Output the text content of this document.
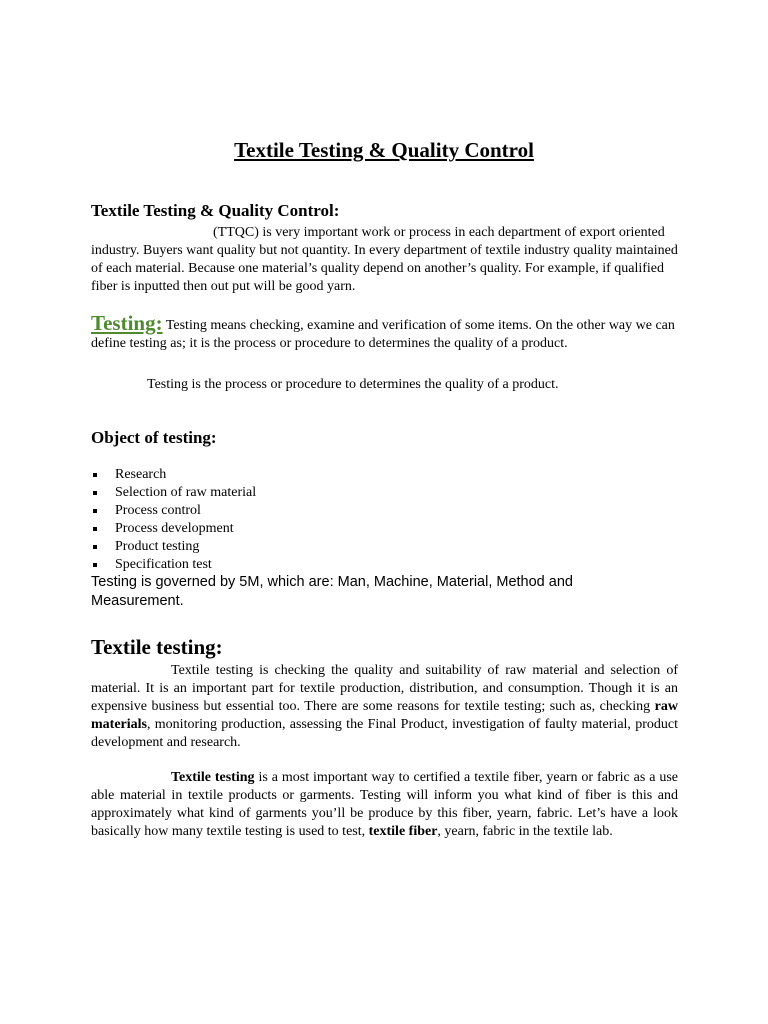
Textile Testing & Quality Control
Textile Testing & Quality Control:

(TTQC) is very important work or process in each department of export oriented industry. Buyers want quality but not quantity. In every department of textile industry quality maintained of each material. Because one material’s quality depend on another’s quality. For example, if qualified fiber is inputted then out put will be good yarn.

Testing: Testing means checking, examine and verification of some items. On the other way we can define testing as; it is the process or procedure to determines the quality of a product.

Testing is the process or procedure to determines the quality of a product.

Object of testing:
Research
Selection of raw material
Process control
Process development
Product testing
Specification test

Testing is governed by 5M, which are: Man, Machine, Material, Method and Measurement.

Textile testing:

Textile testing is checking the quality and suitability of raw material and selection of material. It is an important part for textile production, distribution, and consumption. Though it is an expensive business but essential too. There are some reasons for textile testing; such as, checking raw materials, monitoring production, assessing the Final Product, investigation of faulty material, product development and research.

Textile testing is a most important way to certified a textile fiber, yearn or fabric as a use able material in textile products or garments. Testing will inform you what kind of fiber is this and approximately what kind of garments you’ll be produce by this fiber, yearn, fabric. Let’s have a look basically how many textile testing is used to test, textile fiber, yearn, fabric in the textile lab.
